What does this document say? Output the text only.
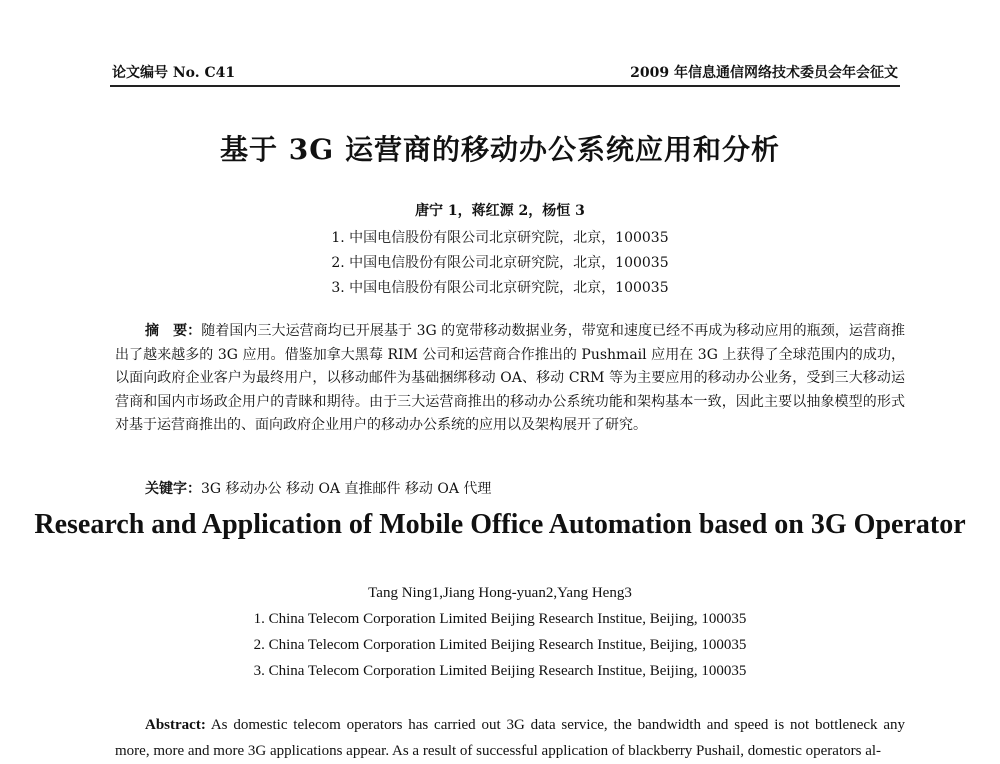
论文编号 No. C41	2009 年信息通信网络技术委员会年会征文
基于 3G 运营商的移动办公系统应用和分析
唐宁 1，蒋红源 2，杨恒 3
1. 中国电信股份有限公司北京研究院，北京，100035
2. 中国电信股份有限公司北京研究院，北京，100035
3. 中国电信股份有限公司北京研究院，北京，100035

摘　要：随着国内三大运营商均已开展基于 3G 的宽带移动数据业务，带宽和速度已经不再成为移动应用的瓶颈，运营商推出了越来越多的 3G 应用。借鉴加拿大黑莓 RIM 公司和运营商合作推出的 Pushmail 应用在 3G 上获得了全球范围内的成功，以面向政府企业客户为最终用户，以移动邮件为基础捆绑移动 OA、移动 CRM 等为主要应用的移动办公业务，受到三大移动运营商和国内市场政企用户的青睐和期待。由于三大运营商推出的移动办公系统功能和架构基本一致，因此主要以抽象模型的形式对基于运营商推出的、面向政府企业用户的移动办公系统的应用以及架构展开了研究。

关键字：3G 移动办公 移动 OA 直推邮件 移动 OA 代理
Research and Application of Mobile Office Automation based on 3G Operator
Tang Ning1,Jiang Hong-yuan2,Yang Heng3
1. China Telecom Corporation Limited Beijing Research Institue, Beijing, 100035
2. China Telecom Corporation Limited Beijing Research Institue, Beijing, 100035
3. China Telecom Corporation Limited Beijing Research Institue, Beijing, 100035

Abstract: As domestic telecom operators has carried out 3G data service, the bandwidth and speed is not bottleneck any more, more and more 3G applications appear. As a result of successful application of blackberry Pushail, domestic operators al-
